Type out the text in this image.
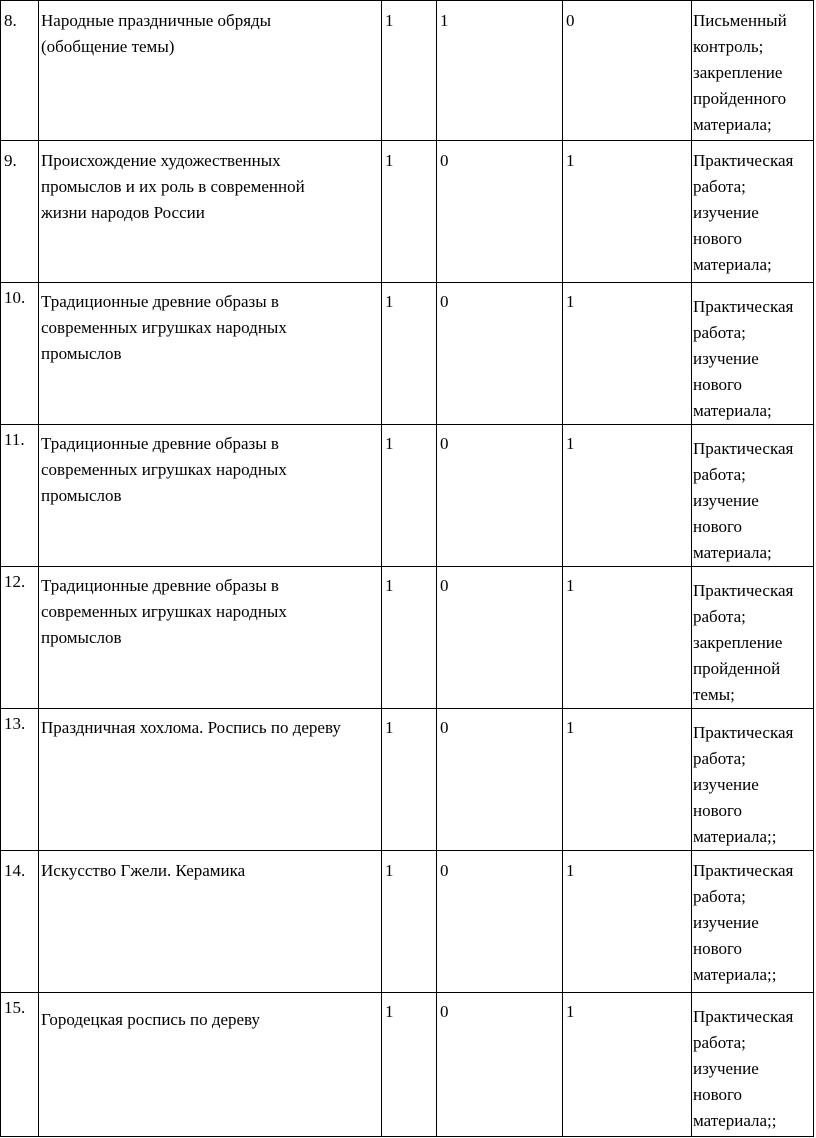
8.	Народные праздничные обряды
(обобщение темы)	1	1	0	Письменный
контроль;
закрепление
пройденного
материала;

9.	Происхождение художественных
промыслов и их роль в современной
жизни народов России	1	0	1	Практическая
работа;
изучение
нового
материала;

10.	Традиционные древние образы в
современных игрушках народных
промыслов	1	0	1	Практическая
работа;
изучение
нового
материала;

11.	Традиционные древние образы в
современных игрушках народных
промыслов	1	0	1	Практическая
работа;
изучение
нового
материала;

12.	Традиционные древние образы в
современных игрушках народных
промыслов	1	0	1	Практическая
работа;
закрепление
пройденной
темы;

13.	Праздничная хохлома. Роспись по дереву	1	0	1	Практическая
работа;
изучение
нового
материала;;

14.	Искусство Гжели. Керамика	1	0	1	Практическая
работа;
изучение
нового
материала;;

15.	Городецкая роспись по дереву	1	0	1	Практическая
работа;
изучение
нового
материала;;
